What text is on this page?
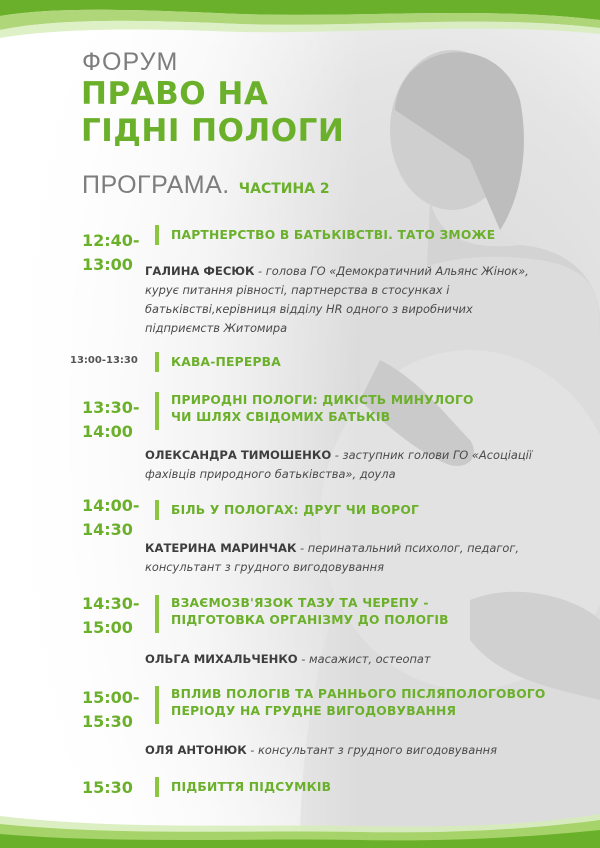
ФОРУМ
ПРАВО НА
ГІДНІ ПОЛОГИ
ПРОГРАМА. ЧАСТИНА 2
12:40-
13:00

ПАРТНЕРСТВО В БАТЬКІВСТВІ. ТАТО ЗМОЖЕ

ГАЛИНА ФЕСЮК - голова ГО «Демократичний Альянс Жінок», курує питання рівності, партнерства в стосунках і батьківстві,керівниця відділу HR одного з виробничих підприємств Житомира

13:00-13:30	КАВА-ПЕРЕРВА

13:30-
14:00

ПРИРОДНІ ПОЛОГИ: ДИКІСТЬ МИНУЛОГО
ЧИ ШЛЯХ СВІДОМИХ БАТЬКІВ

ОЛЕКСАНДРА ТИМОШЕНКО - заступник голови ГО «Асоціації фахівців природного батьківства», доула

14:00-
14:30

БІЛЬ У ПОЛОГАХ: ДРУГ ЧИ ВОРОГ

КАТЕРИНА МАРИНЧАК - перинатальний психолог, педагог, консультант з грудного вигодовування

14:30-
15:00

ВЗАЄМОЗВ'ЯЗОК ТАЗУ ТА ЧЕРЕПУ -
ПІДГОТОВКА ОРГАНІЗМУ ДО ПОЛОГІВ

ОЛЬГА МИХАЛЬЧЕНКО - масажист, остеопат

15:00-
15:30

ВПЛИВ ПОЛОГІВ ТА РАННЬОГО ПІСЛЯПОЛОГОВОГО
ПЕРІОДУ НА ГРУДНЕ ВИГОДОВУВАННЯ

ОЛЯ АНТОНЮК - консультант з грудного вигодовування

15:30	ПІДБИТТЯ ПІДСУМКІВ
